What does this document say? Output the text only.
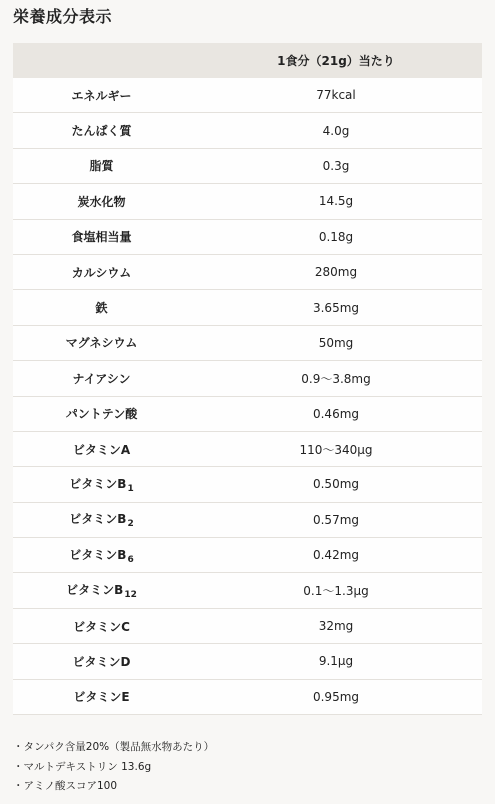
栄養成分表示
1食分（21g）当たり
エネルギー	77kcal
たんぱく質	4.0g
脂質	0.3g
炭水化物	14.5g
食塩相当量	0.18g
カルシウム	280mg
鉄	3.65mg
マグネシウム	50mg
ナイアシン	0.9〜3.8mg
パントテン酸	0.46mg
ビタミンA	110〜340μg
ビタミン$B_1$	0.50mg
ビタミン$B_2$	0.57mg
ビタミン$B_6$	0.42mg
ビタミン$B_{12}$	0.1〜1.3μg
ビタミンC	32mg
ビタミンD	9.1μg
ビタミンE	0.95mg
・タンパク含量20%（製品無水物あたり）
・マルトデキストリン 13.6g
・アミノ酸スコア100
